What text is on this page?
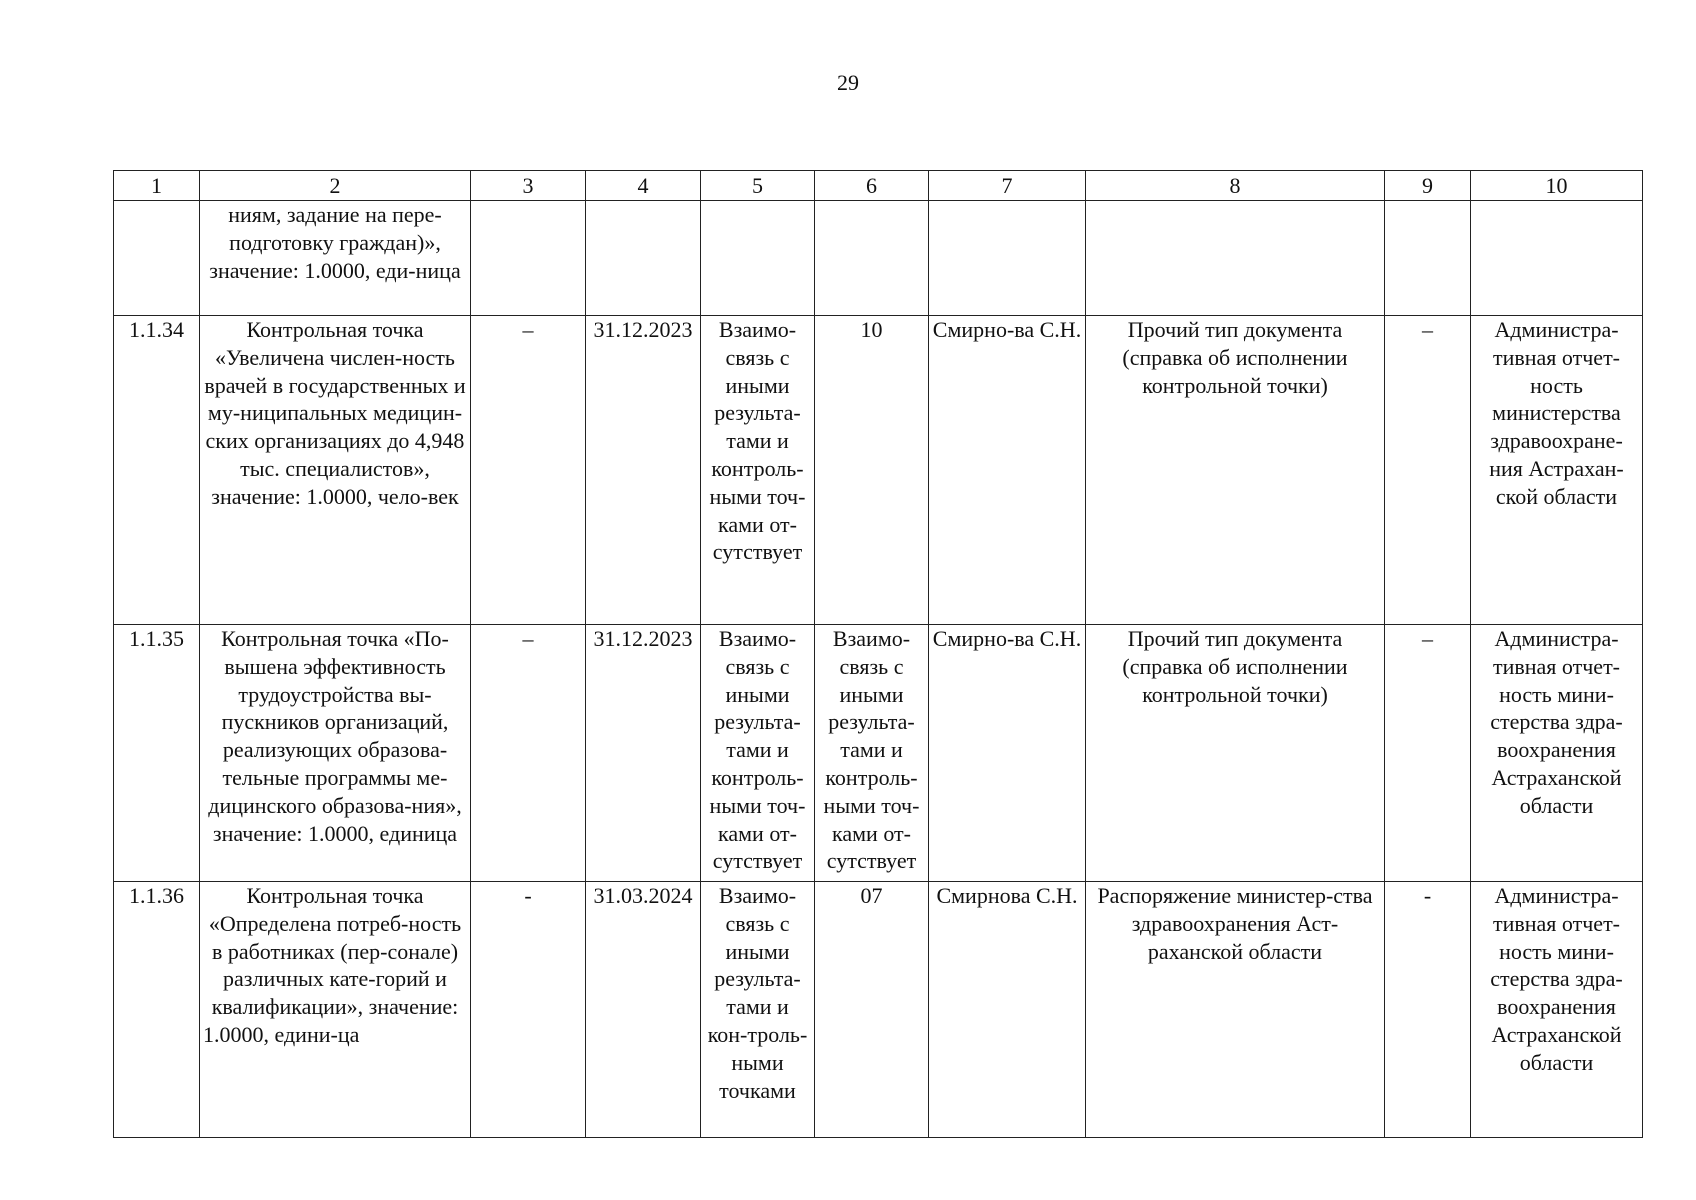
29
1	2	3	4	5	6	7	8	9	10
	ниям, задание на пере-подготовку граждан)», значение: 1.0000, еди-ница								
1.1.34	Контрольная точка «Увеличена числен-ность врачей в государственных и му-ниципальных медицин-ских организациях до 4,948 тыс. специалистов», значение: 1.0000, чело-век	–	31.12.2023	Взаимо-связь с иными результа-тами и контроль-ными точ-ками от-сутствует	10	Смирно-ва С.Н.	Прочий тип документа (справка об исполнении контрольной точки)	–	Администра-тивная отчет-ность министерства здравоохране-ния Астрахан-ской области
1.1.35	Контрольная точка «По-вышена эффективность трудоустройства вы-пускников организаций, реализующих образова-тельные программы ме-дицинского образова-ния», значение: 1.0000, единица	–	31.12.2023	Взаимо-связь с иными результа-тами и контроль-ными точ-ками от-сутствует	Взаимо-связь с иными результа-тами и контроль-ными точ-ками от-сутствует	Смирно-ва С.Н.	Прочий тип документа (справка об исполнении контрольной точки)	–	Администра-тивная отчет-ность мини-стерства здра-воохранения Астраханской области
1.1.36	Контрольная точка «Определена потреб-ность в работниках (пер-сонале) различных кате-горий и квалификации», значение: 1.0000, едини-ца	-	31.03.2024	Взаимо-связь с иными результа-тами и кон-троль-ными точками	07	Смирнова С.Н.	Распоряжение министер-ства здравоохранения Аст-раханской области	-	Администра-тивная отчет-ность мини-стерства здра-воохранения Астраханской области
